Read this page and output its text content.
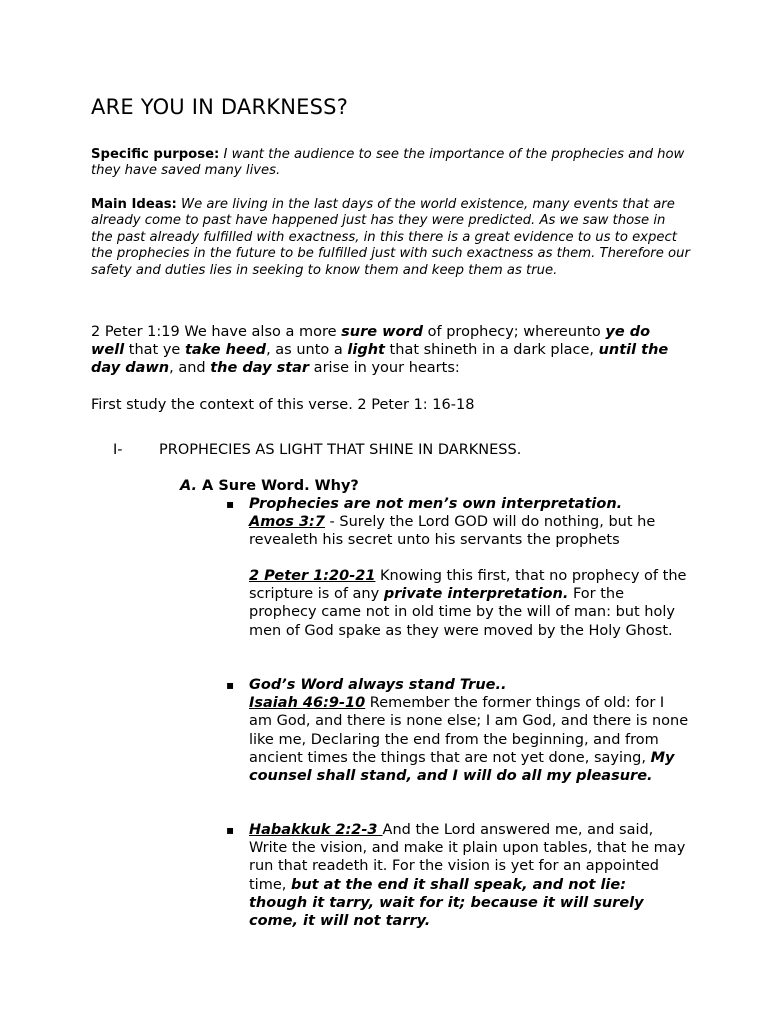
ARE YOU IN DARKNESS?

Specific purpose: I want the audience to see the importance of the prophecies and how they have saved many lives.

Main Ideas: We are living in the last days of the world existence, many events that are already come to past have happened just has they were predicted. As we saw those in the past already fulfilled with exactness, in this there is a great evidence to us to expect the prophecies in the future to be fulfilled just with such exactness as them. Therefore our safety and duties lies in seeking to know them and keep them as true.

2 Peter 1:19 We have also a more sure word of prophecy; whereunto ye do well that ye take heed, as unto a light that shineth in a dark place, until the day dawn, and the day star arise in your hearts:

First study the context of this verse. 2 Peter 1: 16-18

I-	PROPHECIES AS LIGHT THAT SHINE IN DARKNESS.
A. A Sure Word. Why?
▪ Prophecies are not men’s own interpretation.
Amos 3:7 - Surely the Lord GOD will do nothing, but he revealeth his secret unto his servants the prophets

2 Peter 1:20-21 Knowing this first, that no prophecy of the scripture is of any private interpretation. For the prophecy came not in old time by the will of man: but holy men of God spake as they were moved by the Holy Ghost.

▪ God’s Word always stand True..
Isaiah 46:9-10 Remember the former things of old: for I am God, and there is none else; I am God, and there is none like me, Declaring the end from the beginning, and from ancient times the things that are not yet done, saying, My counsel shall stand, and I will do all my pleasure.

▪ Habakkuk 2:2-3 And the Lord answered me, and said, Write the vision, and make it plain upon tables, that he may run that readeth it. For the vision is yet for an appointed time, but at the end it shall speak, and not lie: though it tarry, wait for it; because it will surely come, it will not tarry.
